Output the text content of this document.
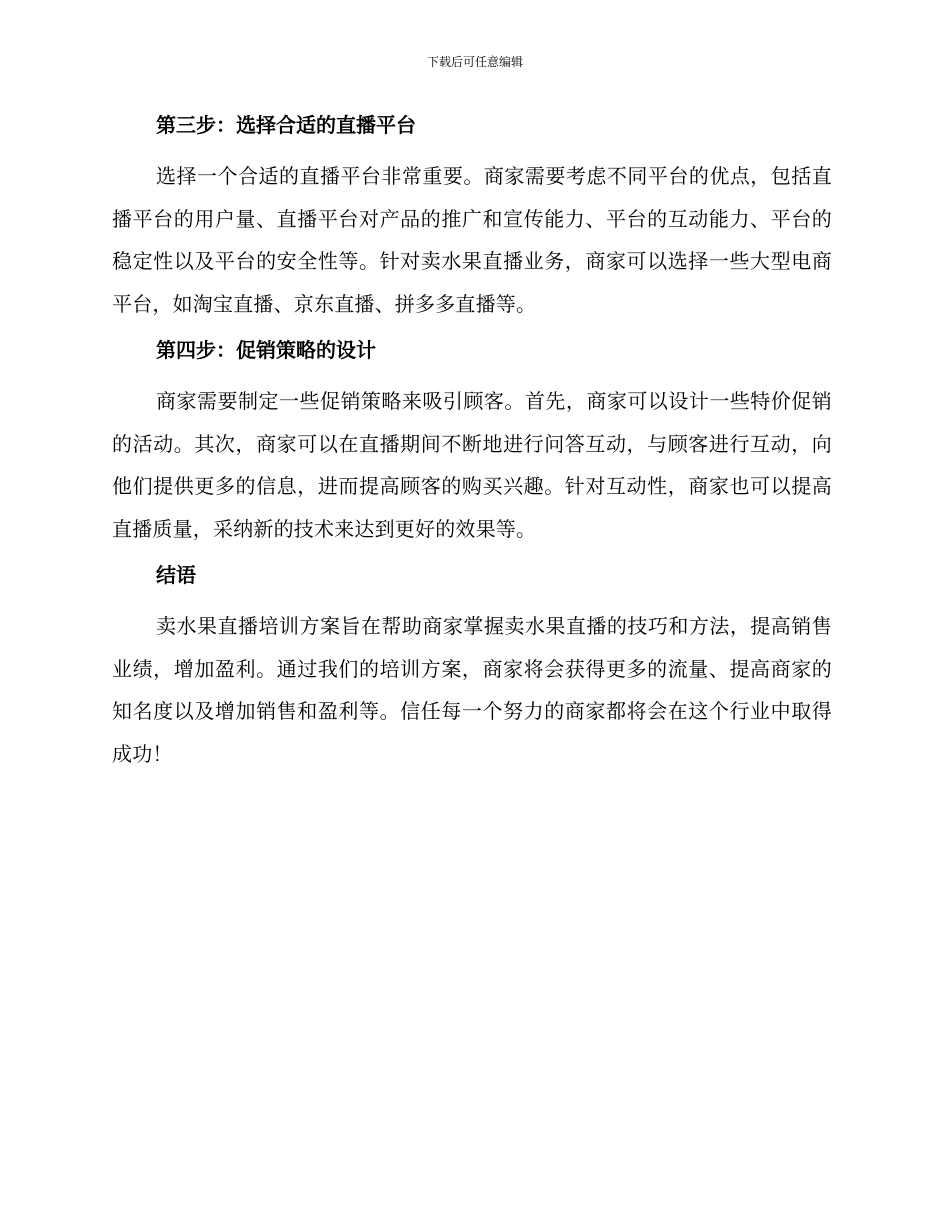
下载后可任意编辑
第三步：选择合适的直播平台

选择一个合适的直播平台非常重要。商家需要考虑不同平台的优点，包括直播平台的用户量、直播平台对产品的推广和宣传能力、平台的互动能力、平台的稳定性以及平台的安全性等。针对卖水果直播业务，商家可以选择一些大型电商平台，如淘宝直播、京东直播、拼多多直播等。

第四步：促销策略的设计

商家需要制定一些促销策略来吸引顾客。首先，商家可以设计一些特价促销的活动。其次，商家可以在直播期间不断地进行问答互动，与顾客进行互动，向他们提供更多的信息，进而提高顾客的购买兴趣。针对互动性，商家也可以提高直播质量，采纳新的技术来达到更好的效果等。

结语

卖水果直播培训方案旨在帮助商家掌握卖水果直播的技巧和方法，提高销售业绩，增加盈利。通过我们的培训方案，商家将会获得更多的流量、提高商家的知名度以及增加销售和盈利等。信任每一个努力的商家都将会在这个行业中取得成功！
